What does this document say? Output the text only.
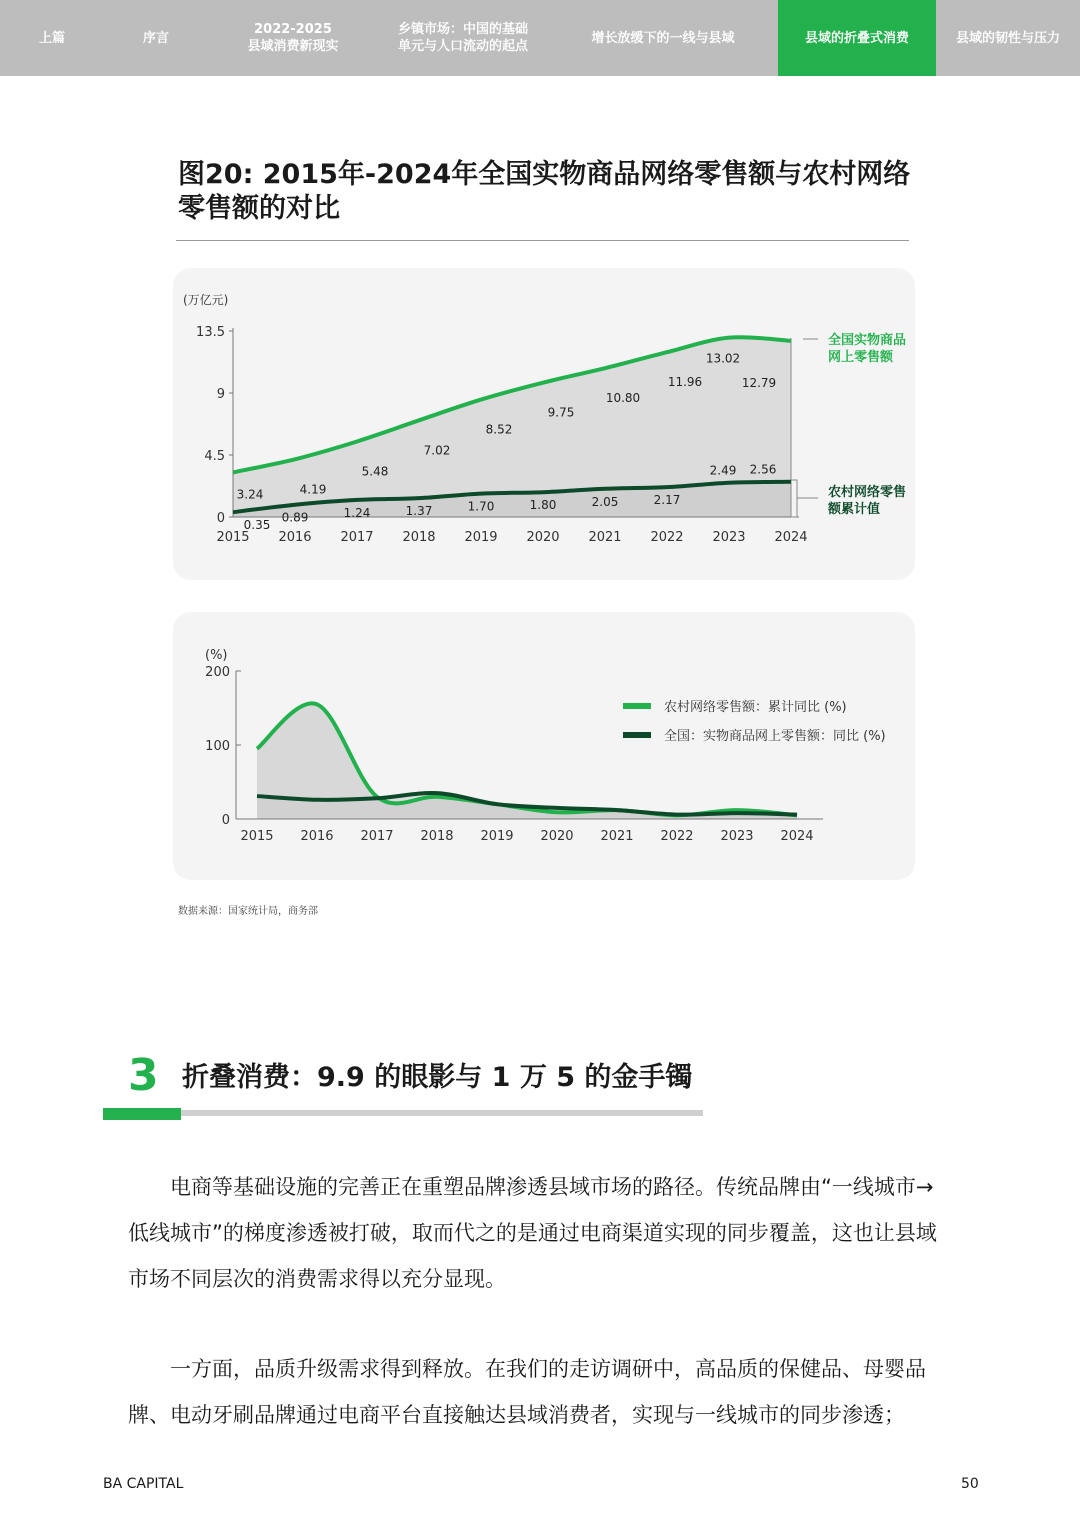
上篇	序言
2022-2025
县域消费新现实
乡镇市场：中国的基础
单元与人口流动的起点
增长放缓下的一线与县域	县域的折叠式消费	县域的韧性与压力
图20: 2015年-2024年全国实物商品网络零售额与农村网络零售额的对比
(万亿元)
0
4.5
9
13.5
2015 2016 2017 2018 2019 2020 2021 2022 2023 2024
3.24	4.19
5.48
7.02
8.52
9.75
10.80
11.96
13.02
12.79
0.35
0.89	1.24	1.37	1.70	1.80	2.05	2.17
2.49 2.56
全国实物商品
网上零售额
农村网络零售
额累计值
(%)
0
100
200
2015 2016 2017 2018 2019 2020 2021 2022 2023 2024
农村网络零售额：累计同比 (%)
全国：实物商品网上零售额：同比 (%)
数据来源：国家统计局，商务部
3 折叠消费：9.9 的眼影与 1 万 5 的金手镯

电商等基础设施的完善正在重塑品牌渗透县域市场的路径。传统品牌由“一线城市→低线城市”的梯度渗透被打破，取而代之的是通过电商渠道实现的同步覆盖，这也让县域市场不同层次的消费需求得以充分显现。

一方面，品质升级需求得到释放。在我们的走访调研中，高品质的保健品、母婴品牌、电动牙刷品牌通过电商平台直接触达县域消费者，实现与一线城市的同步渗透；

BA CAPITAL	50
